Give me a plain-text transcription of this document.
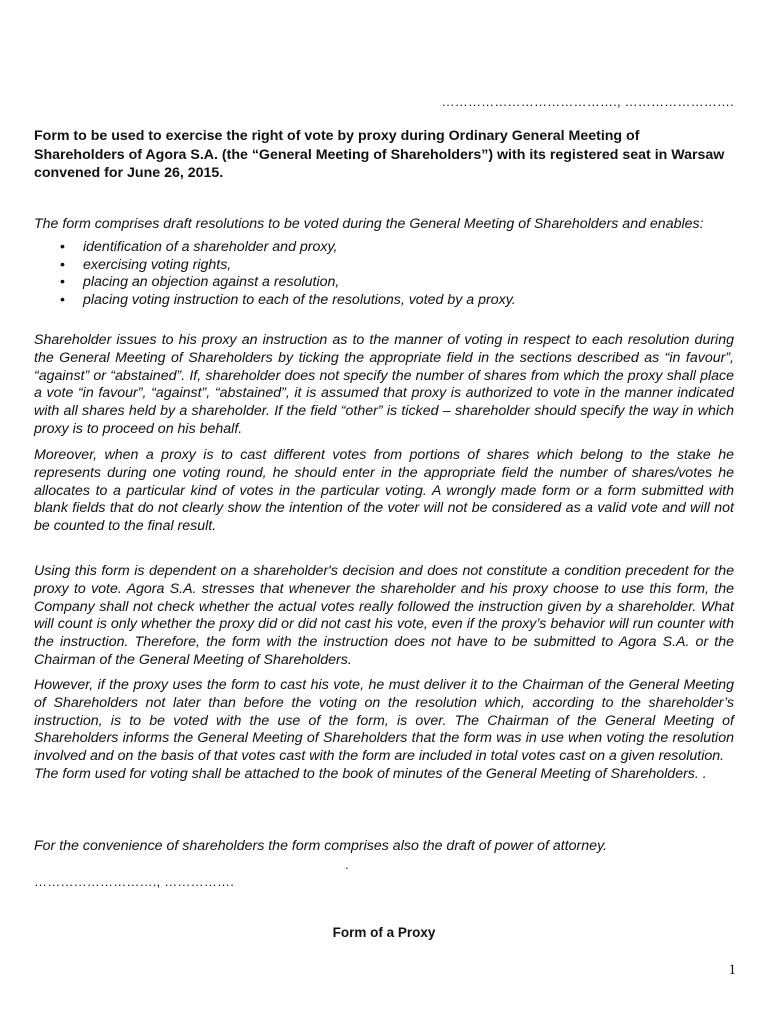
…………………………………., …………………….

Form to be used to exercise the right of vote by proxy during Ordinary General Meeting of Shareholders of Agora S.A. (the “General Meeting of Shareholders”) with its registered seat in Warsaw convened for June 26, 2015.

The form comprises draft resolutions to be voted during the General Meeting of Shareholders and enables:

• identification of a shareholder and proxy,
• exercising voting rights,
• placing an objection against a resolution,
• placing voting instruction to each of the resolutions, voted by a proxy.

Shareholder issues to his proxy an instruction as to the manner of voting in respect to each resolution during the General Meeting of Shareholders by ticking the appropriate field in the sections described as “in favour”, “against” or “abstained”. If, shareholder does not specify the number of shares from which the proxy shall place a vote “in favour”, “against”, “abstained”, it is assumed that proxy is authorized to vote in the manner indicated with all shares held by a shareholder. If the field “other” is ticked – shareholder should specify the way in which proxy is to proceed on his behalf.

Moreover, when a proxy is to cast different votes from portions of shares which belong to the stake he represents during one voting round, he should enter in the appropriate field the number of shares/votes he allocates to a particular kind of votes in the particular voting. A wrongly made form or a form submitted with blank fields that do not clearly show the intention of the voter will not be considered as a valid vote and will not be counted to the final result.

Using this form is dependent on a shareholder's decision and does not constitute a condition precedent for the proxy to vote. Agora S.A. stresses that whenever the shareholder and his proxy choose to use this form, the Company shall not check whether the actual votes really followed the instruction given by a shareholder. What will count is only whether the proxy did or did not cast his vote, even if the proxy’s behavior will run counter with the instruction. Therefore, the form with the instruction does not have to be submitted to Agora S.A. or the Chairman of the General Meeting of Shareholders.

However, if the proxy uses the form to cast his vote, he must deliver it to the Chairman of the General Meeting of Shareholders not later than before the voting on the resolution which, according to the shareholder’s instruction, is to be voted with the use of the form, is over. The Chairman of the General Meeting of Shareholders informs the General Meeting of Shareholders that the form was in use when voting the resolution involved and on the basis of that votes cast with the form are included in total votes cast on a given resolution.

The form used for voting shall be attached to the book of minutes of the General Meeting of Shareholders. .

For the convenience of shareholders the form comprises also the draft of power of attorney.

.
………………………., …………….
Form of a Proxy
1
